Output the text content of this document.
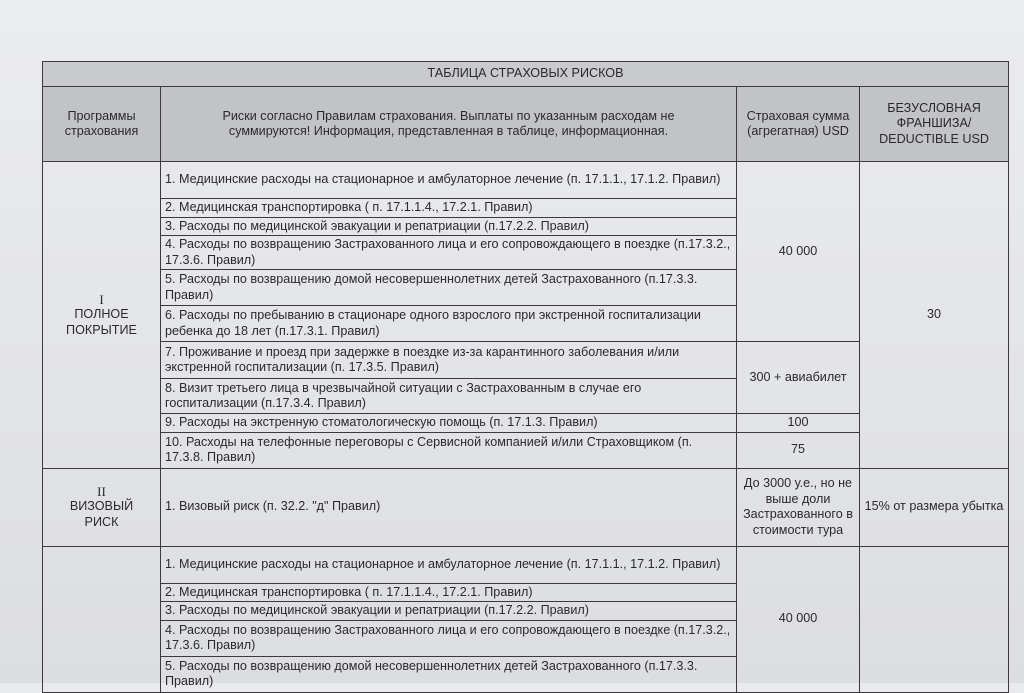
ТАБЛИЦА СТРАХОВЫХ РИСКОВ			
Программы страхования	Риски согласно Правилам страхования. Выплаты по указанным расходам не суммируются! Информация, представленная в таблице, информационная.	Страховая сумма (агрегатная) USD	БЕЗУСЛОВНАЯ ФРАНШИЗА/ DEDUCTIBLE USD

I
ПОЛНОЕ ПОКРЫТИЕ	1. Медицинские расходы на стационарное и амбулаторное лечение (п. 17.1.1., 17.1.2. Правил)	40 000	30
	2. Медицинская транспортировка ( п. 17.1.1.4., 17.2.1. Правил)		
	3. Расходы по медицинской эвакуации и репатриации (п.17.2.2. Правил)		
	4. Расходы по возвращению Застрахованного лица и его сопровождающего в поездке (п.17.3.2., 17.3.6. Правил)		
	5. Расходы по возвращению домой несовершеннолетних детей Застрахованного (п.17.3.3. Правил)		
	6. Расходы по пребыванию в стационаре одного взрослого при экстренной госпитализации ребенка до 18 лет (п.17.3.1. Правил)		
	7. Проживание и проезд при задержке в поездке из-за карантинного заболевания и/или экстренной госпитализации (п. 17.3.5. Правил)	300 + авиабилет	
	8. Визит третьего лица в чрезвычайной ситуации с Застрахованным в случае его госпитализации (п.17.3.4. Правил)		
	9. Расходы на экстренную стоматологическую помощь (п. 17.1.3. Правил)	100	
	10. Расходы на телефонные переговоры с Сервисной компанией и/или Страховщиком (п. 17.3.8. Правил)	75	

II
ВИЗОВЫЙ РИСК	1. Визовый риск (п. 32.2. "д" Правил)	До 3000 у.е., но не выше доли Застрахованного в стоимости тура	15% от размера убытка
	1. Медицинские расходы на стационарное и амбулаторное лечение (п. 17.1.1., 17.1.2. Правил)	40 000	
	2. Медицинская транспортировка ( п. 17.1.1.4., 17.2.1. Правил)		
	3. Расходы по медицинской эвакуации и репатриации (п.17.2.2. Правил)		
	4. Расходы по возвращению Застрахованного лица и его сопровождающего в поездке (п.17.3.2., 17.3.6. Правил)		
	5. Расходы по возвращению домой несовершеннолетних детей Застрахованного (п.17.3.3. Правил)		
